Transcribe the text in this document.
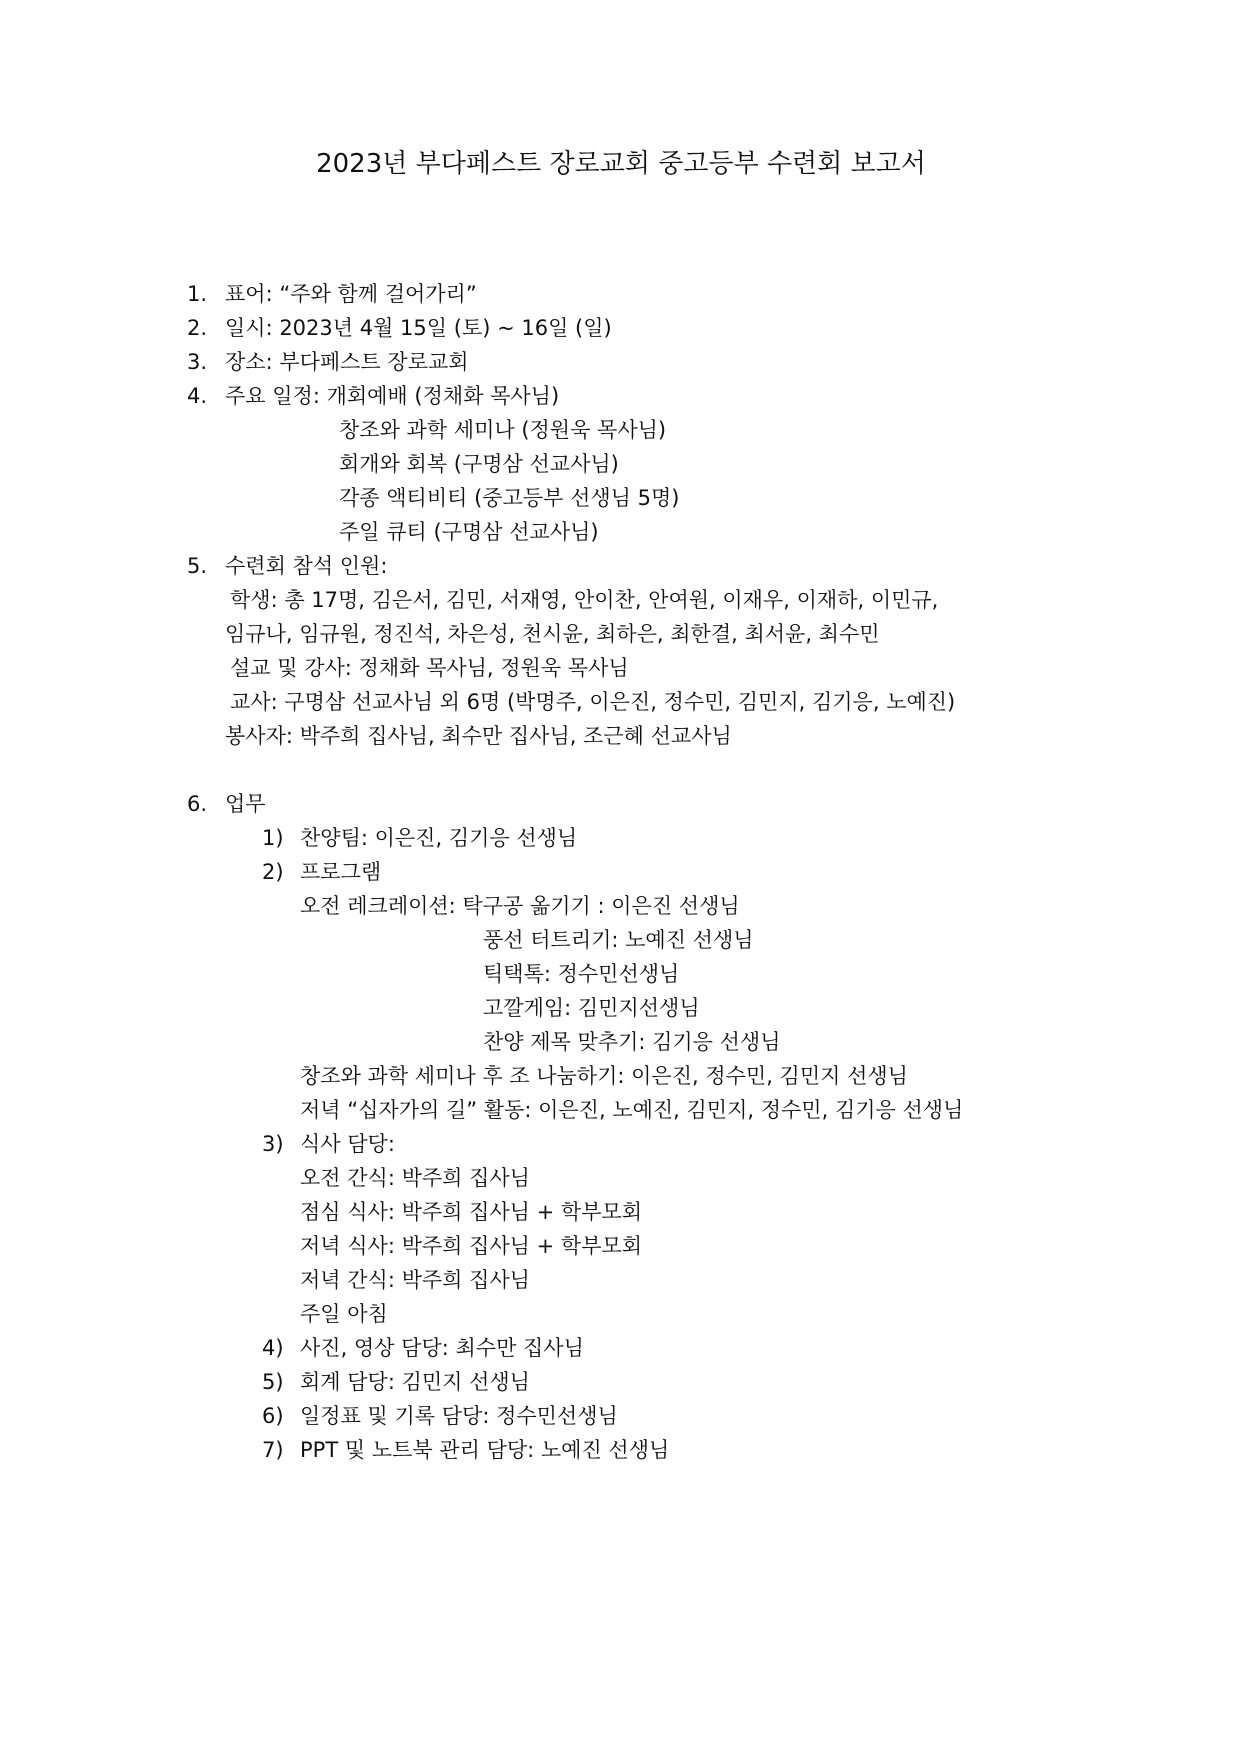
2023년 부다페스트 장로교회 중고등부 수련회 보고서
1. 표어: “주와 함께 걸어가리”
2. 일시: 2023년 4월 15일 (토) ~ 16일 (일)
3. 장소: 부다페스트 장로교회
4. 주요 일정: 개회예배 (정채화 목사님)
창조와 과학 세미나 (정원욱 목사님)
회개와 회복 (구명삼 선교사님)
각종 액티비티 (중고등부 선생님 5명)
주일 큐티 (구명삼 선교사님)
5. 수련회 참석 인원:
학생: 총 17명, 김은서, 김민, 서재영, 안이찬, 안여원, 이재우, 이재하, 이민규,
임규나, 임규원, 정진석, 차은성, 천시윤, 최하은, 최한결, 최서윤, 최수민
설교 및 강사: 정채화 목사님, 정원욱 목사님
교사: 구명삼 선교사님 외 6명 (박명주, 이은진, 정수민, 김민지, 김기응, 노예진)
봉사자: 박주희 집사님, 최수만 집사님, 조근혜 선교사님
6. 업무
1) 찬양팀: 이은진, 김기응 선생님
2) 프로그램
오전 레크레이션: 탁구공 옮기기 : 이은진 선생님
풍선 터트리기: 노예진 선생님
틱택톡: 정수민선생님
고깔게임: 김민지선생님
찬양 제목 맞추기: 김기응 선생님
창조와 과학 세미나 후 조 나눔하기: 이은진, 정수민, 김민지 선생님
저녁 “십자가의 길” 활동: 이은진, 노예진, 김민지, 정수민, 김기응 선생님
3) 식사 담당:
오전 간식: 박주희 집사님
점심 식사: 박주희 집사님 + 학부모회
저녁 식사: 박주희 집사님 + 학부모회
저녁 간식: 박주희 집사님
주일 아침
4) 사진, 영상 담당: 최수만 집사님
5) 회계 담당: 김민지 선생님
6) 일정표 및 기록 담당: 정수민선생님
7) PPT 및 노트북 관리 담당: 노예진 선생님
